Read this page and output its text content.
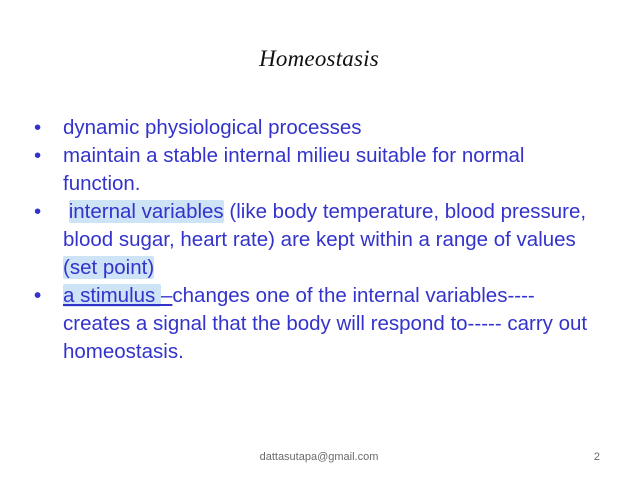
Homeostasis
•	dynamic physiological processes
•	maintain a stable internal milieu suitable for normal function.
•	internal variables (like body temperature, blood pressure, blood sugar, heart rate) are kept within a range of values (set point)
•	a stimulus –changes one of the internal variables---- creates a signal that the body will respond to----- carry out homeostasis.
dattasutapa@gmail.com	2
